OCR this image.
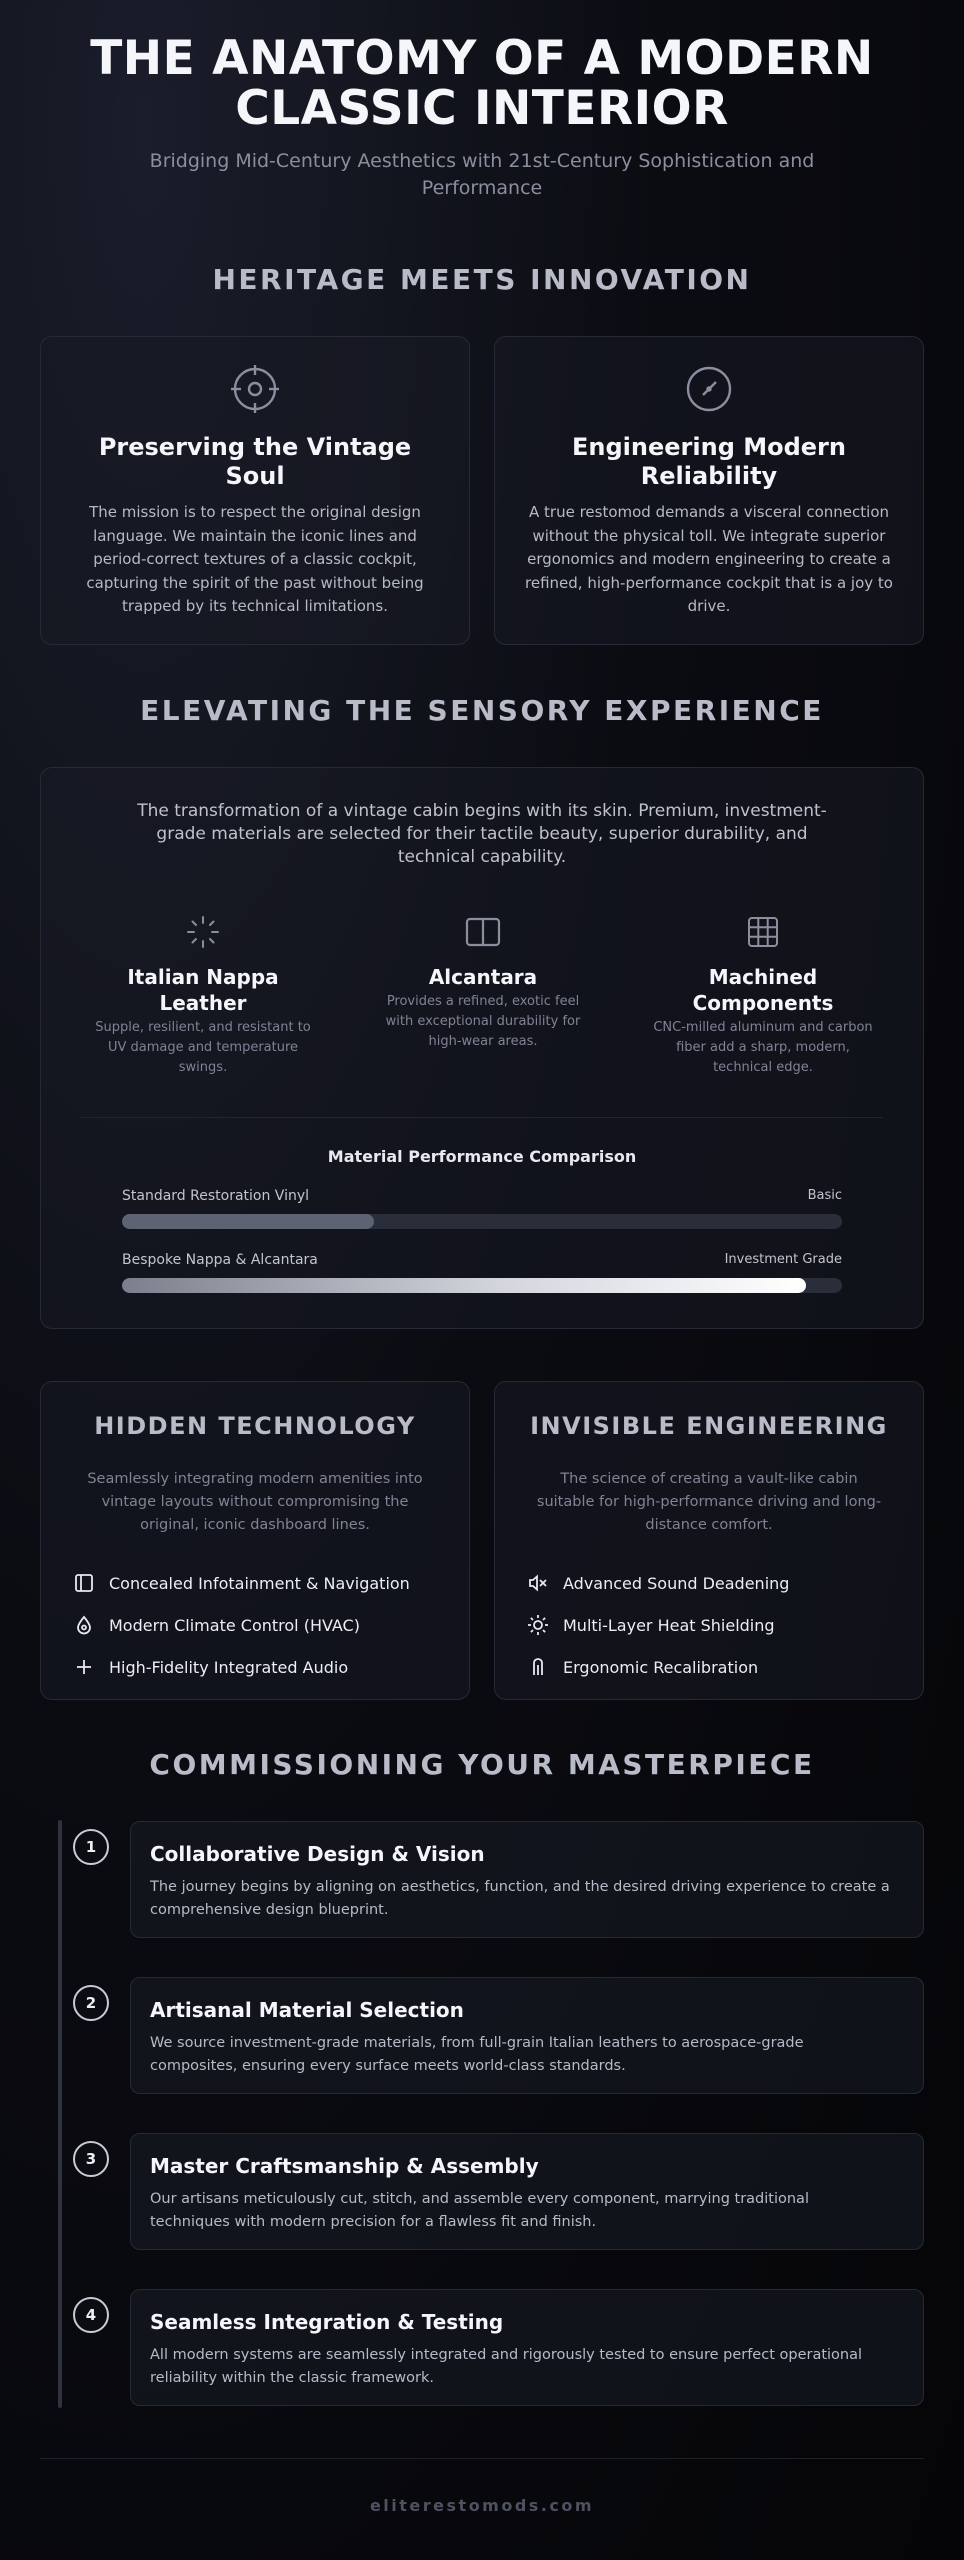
THE ANATOMY OF A MODERN CLASSIC INTERIOR

Bridging Mid-Century Aesthetics with 21st-Century Sophistication and Performance

HERITAGE MEETS INNOVATION
Preserving the Vintage Soul

The mission is to respect the original design language. We maintain the iconic lines and period-correct textures of a classic cockpit, capturing the spirit of the past without being trapped by its technical limitations.

Engineering Modern Reliability

A true restomod demands a visceral connection without the physical toll. We integrate superior ergonomics and modern engineering to create a refined, high-performance cockpit that is a joy to drive.

ELEVATING THE SENSORY EXPERIENCE

The transformation of a vintage cabin begins with its skin. Premium, investment-grade materials are selected for their tactile beauty, superior durability, and technical capability.

Italian Nappa Leather

Supple, resilient, and resistant to UV damage and temperature swings.

Alcantara

Provides a refined, exotic feel with exceptional durability for high-wear areas.

Machined Components

CNC-milled aluminum and carbon fiber add a sharp, modern, technical edge.

Material Performance Comparison
Standard Restoration Vinyl	Basic
Bespoke Nappa & Alcantara	Investment Grade
HIDDEN TECHNOLOGY

Seamlessly integrating modern amenities into vintage layouts without compromising the original, iconic dashboard lines.

Concealed Infotainment & Navigation
Modern Climate Control (HVAC)
High-Fidelity Integrated Audio
INVISIBLE ENGINEERING

The science of creating a vault-like cabin suitable for high-performance driving and long-distance comfort.

Advanced Sound Deadening
Multi-Layer Heat Shielding
Ergonomic Recalibration
COMMISSIONING YOUR MASTERPIECE
1	Collaborative Design & Vision

The journey begins by aligning on aesthetics, function, and the desired driving experience to create a comprehensive design blueprint.

2	Artisanal Material Selection

We source investment-grade materials, from full-grain Italian leathers to aerospace-grade composites, ensuring every surface meets world-class standards.

3	Master Craftsmanship & Assembly

Our artisans meticulously cut, stitch, and assemble every component, marrying traditional techniques with modern precision for a flawless fit and finish.

4	Seamless Integration & Testing

All modern systems are seamlessly integrated and rigorously tested to ensure perfect operational reliability within the classic framework.

eliterestomods.com
